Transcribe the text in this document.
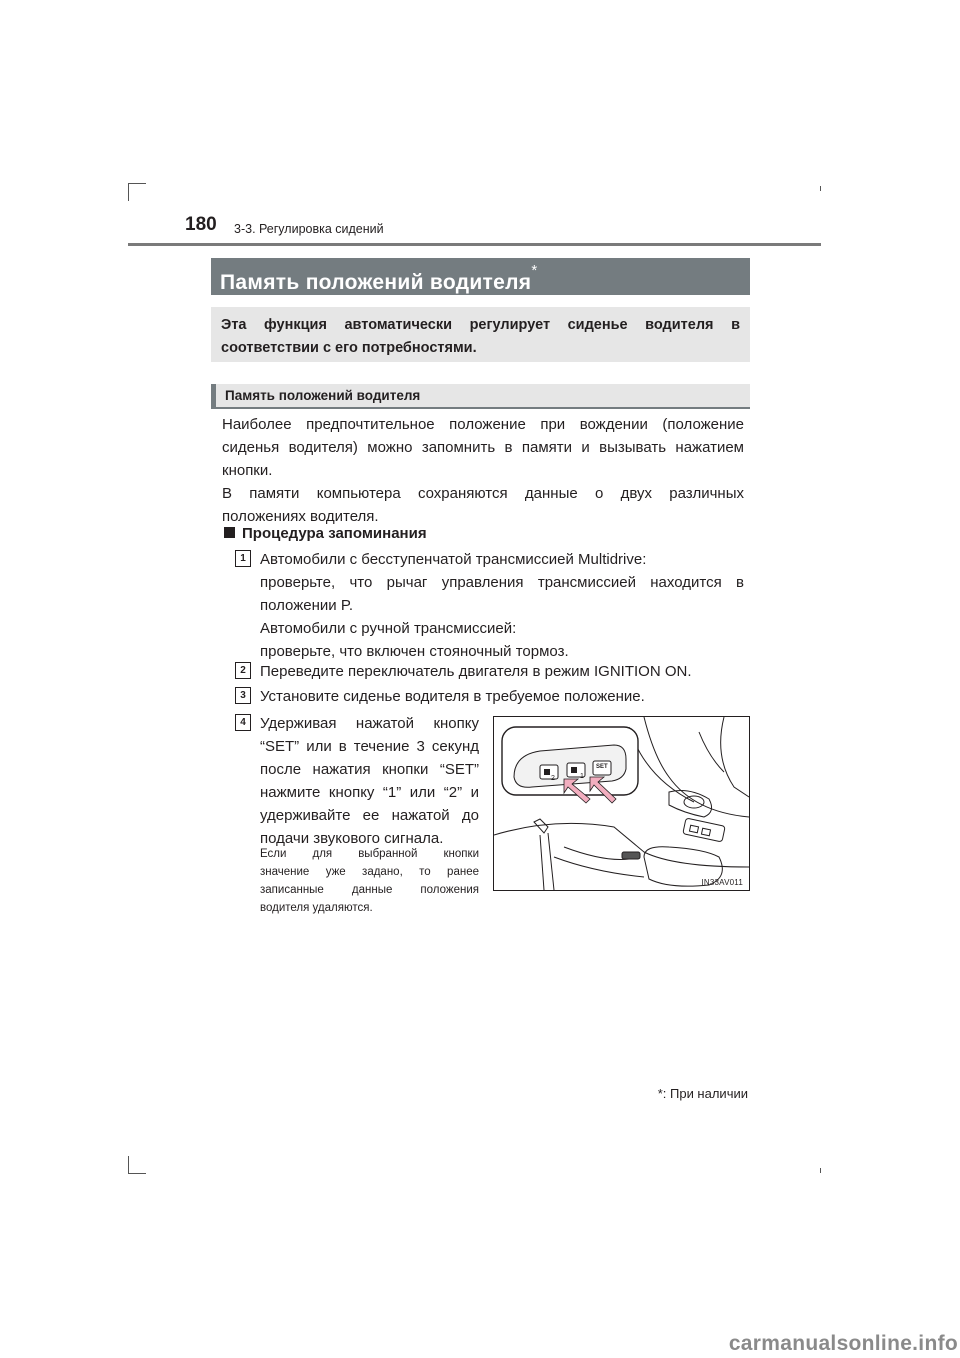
180 3-3. Регулировка сидений
Память положений водителя*
Эта функция автоматически регулирует сиденье водителя в
соответствии с его потребностями.
Память положений водителя
Наиболее предпочтительное положение при вождении (положение
сиденья водителя) можно запомнить в памяти и вызывать нажатием
кнопки.
В памяти компьютера сохраняются данные о двух различных
положениях водителя.
Процедура запоминания
1 Автомобили с бесступенчатой трансмиссией Multidrive:
проверьте, что рычаг управления трансмиссией находится в
положении P.
Автомобили с ручной трансмиссией:
проверьте, что включен стояночный тормоз.
2 Переведите переключатель двигателя в режим IGNITION ON.
3 Установите сиденье водителя в требуемое положение.
4 Удерживая нажатой кнопку
“SET” или в течение 3 секунд
после нажатия кнопки “SET”
нажмите кнопку “1” или “2” и
удерживайте ее нажатой до
подачи звукового сигнала.
Если для выбранной кнопки
значение уже задано, то ранее
записанные данные положения
водителя удаляются.
2	1
SET
IN33AV011
*: При наличии
carmanualsonline.info
